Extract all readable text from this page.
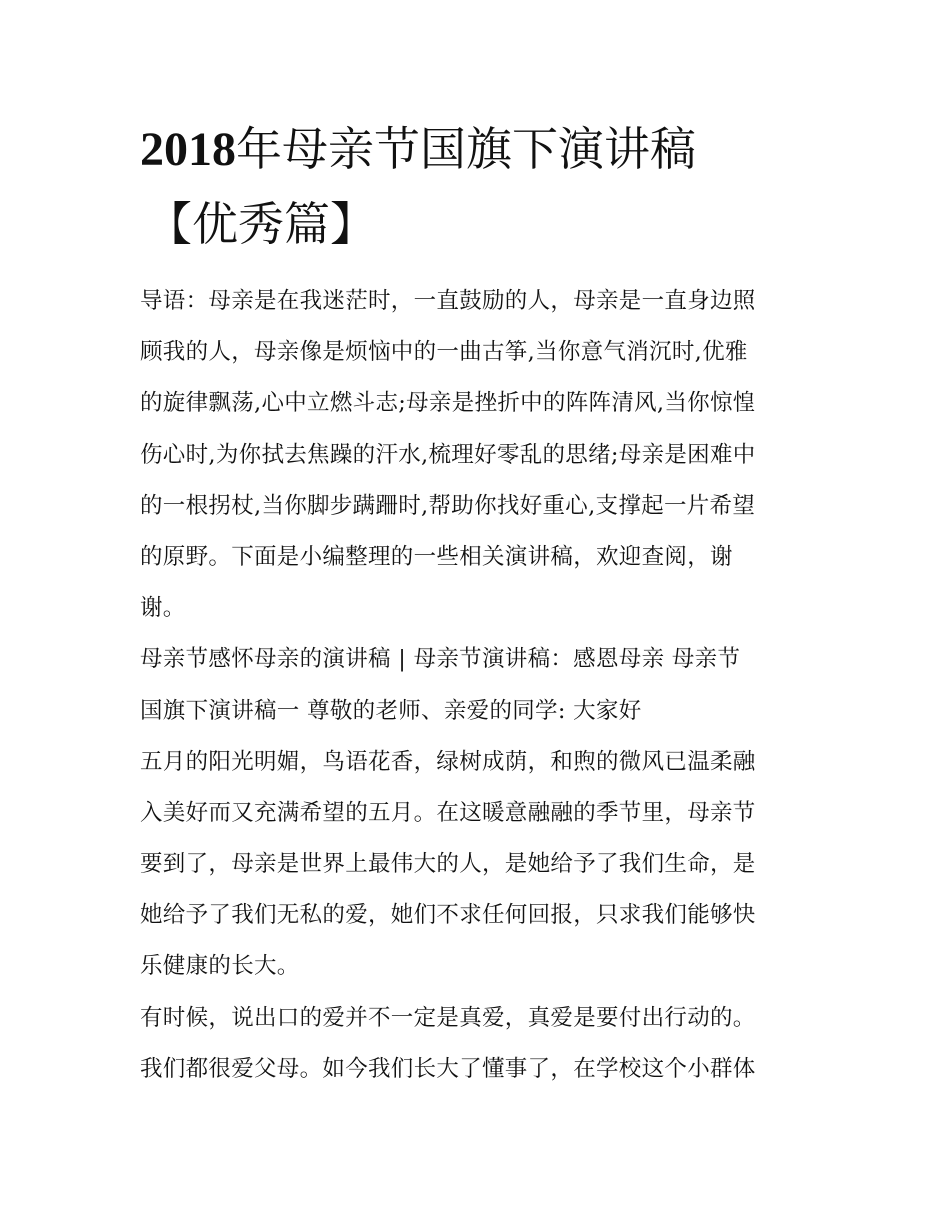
2018年母亲节国旗下演讲稿
【优秀篇】
导语：母亲是在我迷茫时，一直鼓励的人，母亲是一直身边照
顾我的人，母亲像是烦恼中的一曲古筝,当你意气消沉时,优雅
的旋律飘荡,心中立燃斗志;母亲是挫折中的阵阵清风,当你惊惶
伤心时,为你拭去焦躁的汗水,梳理好零乱的思绪;母亲是困难中
的一根拐杖,当你脚步蹒跚时,帮助你找好重心,支撑起一片希望
的原野。下面是小编整理的一些相关演讲稿，欢迎查阅，谢
谢。
母亲节感怀母亲的演讲稿 | 母亲节演讲稿：感恩母亲 母亲节
国旗下演讲稿一 尊敬的老师、亲爱的同学: 大家好
五月的阳光明媚，鸟语花香，绿树成荫，和煦的微风已温柔融
入美好而又充满希望的五月。在这暖意融融的季节里，母亲节
要到了，母亲是世界上最伟大的人，是她给予了我们生命，是
她给予了我们无私的爱，她们不求任何回报，只求我们能够快
乐健康的长大。
有时候，说出口的爱并不一定是真爱，真爱是要付出行动的。
我们都很爱父母。如今我们长大了懂事了，在学校这个小群体
